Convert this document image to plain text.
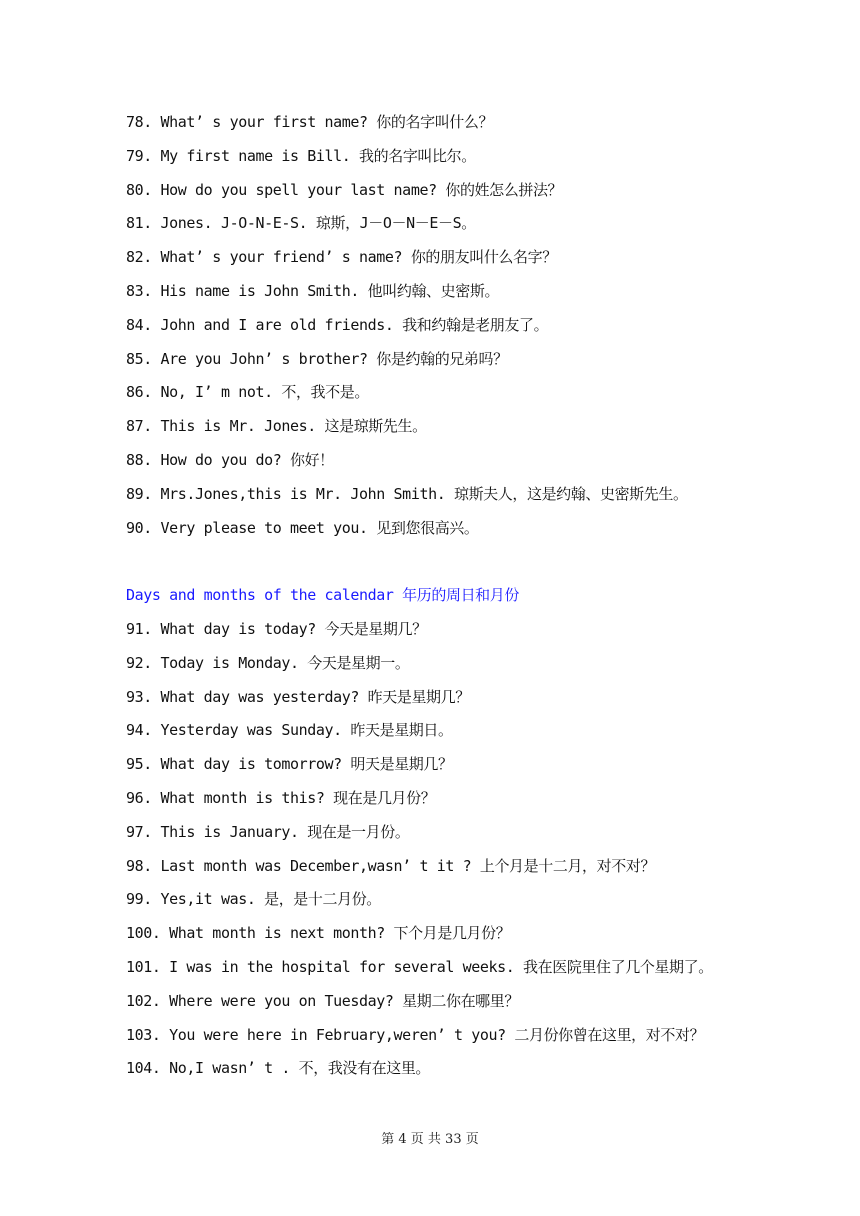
78. What’ s your first name? 你的名字叫什么？
79. My first name is Bill. 我的名字叫比尔。
80. How do you spell your last name? 你的姓怎么拼法？
81. Jones. J-O-N-E-S. 琼斯，J－O－N－E－S。
82. What’ s your friend’ s name? 你的朋友叫什么名字？
83. His name is John Smith. 他叫约翰、史密斯。
84. John and I are old friends. 我和约翰是老朋友了。
85. Are you John’ s brother? 你是约翰的兄弟吗？
86. No, I’ m not. 不，我不是。
87. This is Mr. Jones. 这是琼斯先生。
88. How do you do? 你好！
89. Mrs.Jones,this is Mr. John Smith. 琼斯夫人，这是约翰、史密斯先生。
90. Very please to meet you. 见到您很高兴。
Days and months of the calendar 年历的周日和月份
91. What day is today? 今天是星期几？
92. Today is Monday. 今天是星期一。
93. What day was yesterday? 昨天是星期几？
94. Yesterday was Sunday. 昨天是星期日。
95. What day is tomorrow? 明天是星期几？
96. What month is this? 现在是几月份？
97. This is January. 现在是一月份。
98. Last month was December,wasn’ t it ? 上个月是十二月，对不对？
99. Yes,it was. 是，是十二月份。
100. What month is next month? 下个月是几月份？
101. I was in the hospital for several weeks. 我在医院里住了几个星期了。
102. Where were you on Tuesday? 星期二你在哪里？
103. You were here in February,weren’ t you? 二月份你曾在这里，对不对？
104. No,I wasn’ t . 不，我没有在这里。
第 4 页 共 33 页
